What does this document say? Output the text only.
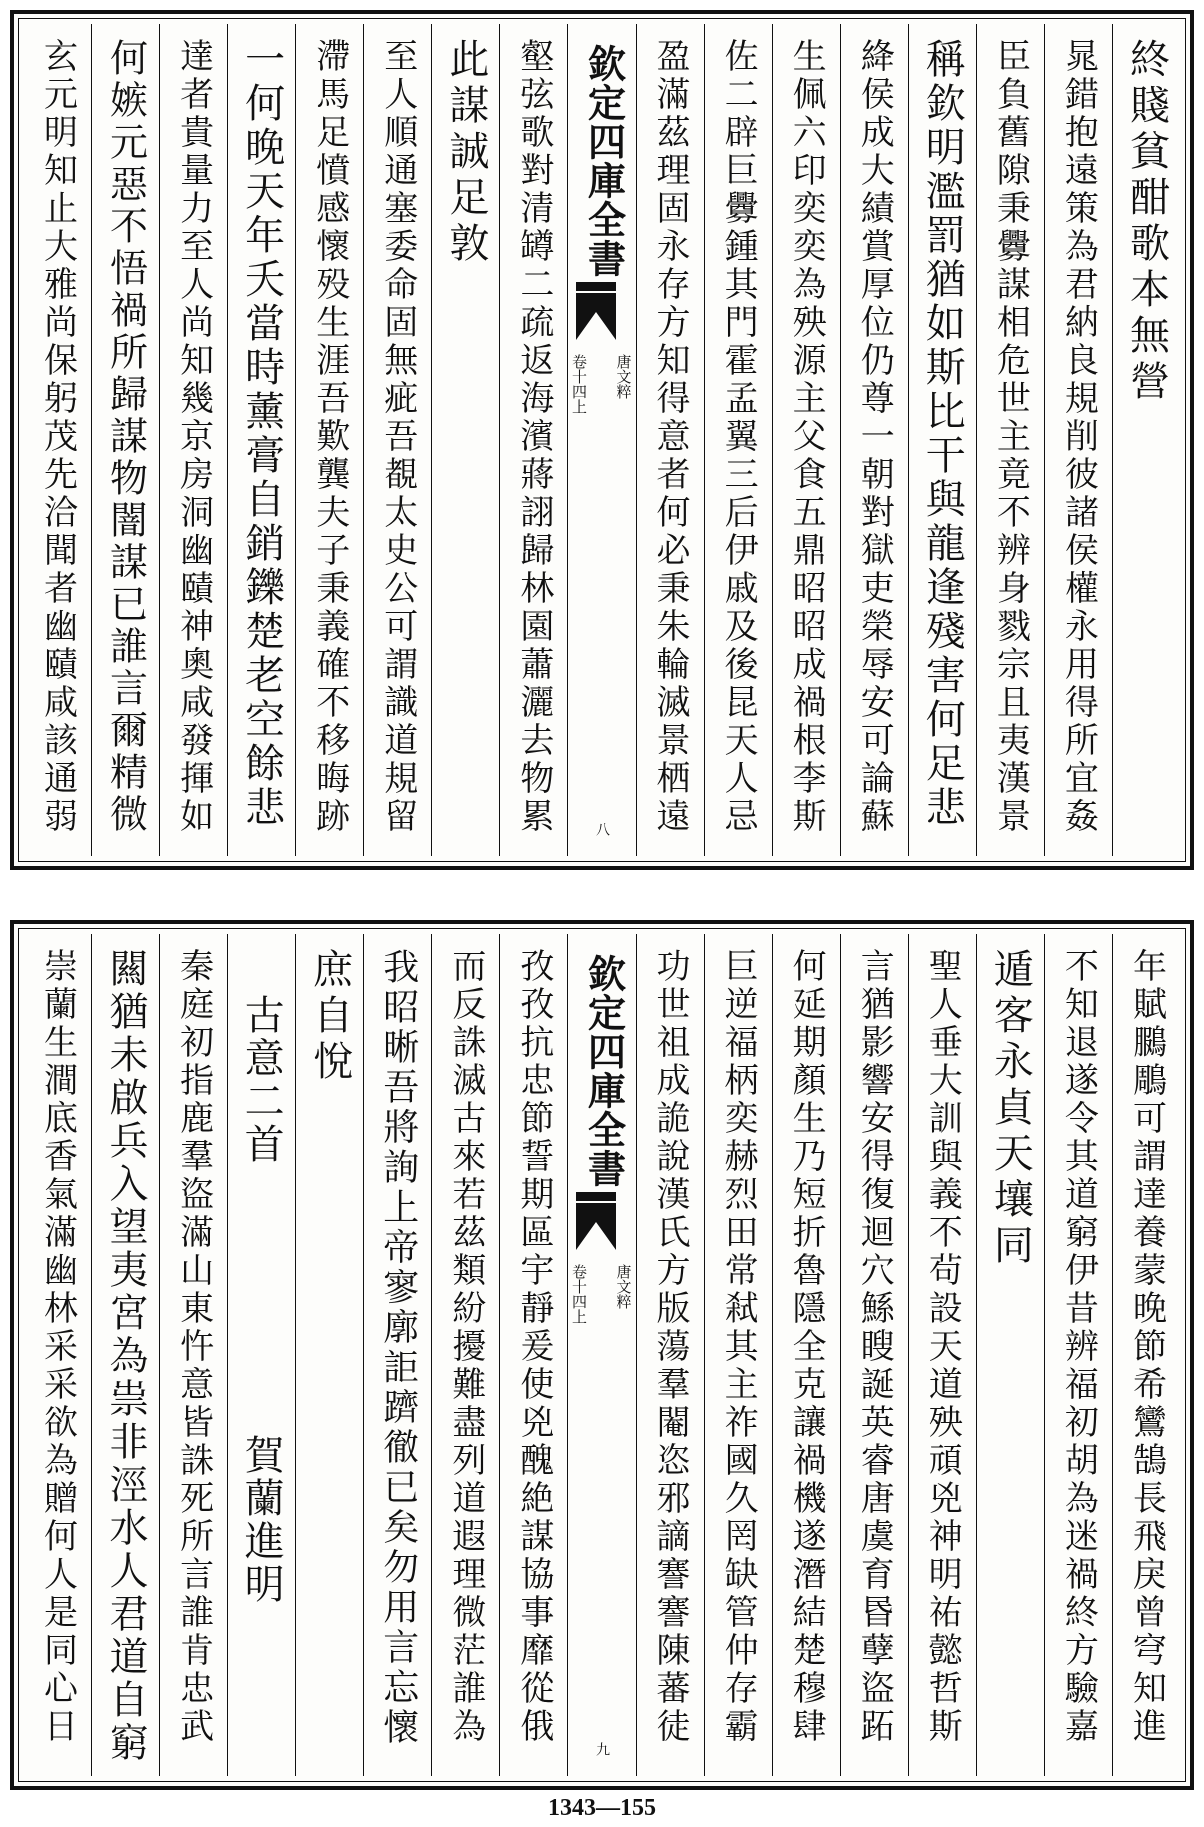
終賤貧酣歌本無營
晁錯抱遠策為君納良規削彼諸侯權永用得所宜姦
臣負舊隙秉釁謀相危世主竟不辨身戮宗且夷漢景
稱欽明濫罰猶如斯比干與龍逢殘害何足悲
絳侯成大績賞厚位仍尊一朝對獄吏榮辱安可論蘇
生佩六印奕奕為殃源主父食五鼎昭昭成禍根李斯
佐二辟巨釁鍾其門霍孟翼三后伊戚及後昆天人忌
盈滿茲理固永存方知得意者何必秉朱輪滅景栖遠
欽定四庫全書
唐文粹
卷十四上
八
壑弦歌對清罇二疏返海濱蔣詡歸林園蕭灑去物累
此謀誠足敦
至人順通塞委命固無疵吾覩太史公可謂識道規留
滯馬足憤感懷殁生涯吾歎龔夫子秉義確不移晦跡
一何晚天年夭當時薰膏自銷鑠楚老空餘悲
達者貴量力至人尚知幾京房洞幽賾神奧咸發揮如
何嫉元惡不悟禍所歸謀物闇謀已誰言爾精微
玄元明知止大雅尚保躬茂先洽聞者幽賾咸該通弱
年賦鵩鵰可謂達養蒙晚節希鸞鵠長飛戾曾穹知進
不知退遂令其道窮伊昔辨福初胡為迷禍終方驗嘉
遁客永貞天壤同
聖人垂大訓與義不茍設天道殃頑兇神明祐懿哲斯
言猶影響安得復迴穴鯀瞍誕英睿唐虞育昬孽盜跖
何延期顏生乃短折魯隱全克讓禍機遂潛結楚穆肆
巨逆福柄奕赫烈田常弒其主祚國久罔缺管仲存霸
功世祖成詭說漢氏方版蕩羣閹恣邪謫謇謇陳蕃徒
欽定四庫全書
唐文粹
卷十四上
九
孜孜抗忠節誓期區宇靜爰使兇醜絶謀協事靡從俄
而反誅滅古來若茲類紛擾難盡列道遐理微茫誰為
我昭晰吾將詢上帝寥廓詎躋徹已矣勿用言忘懷
庶自悅
古意二首
賀蘭進明
秦庭初指鹿羣盜滿山東忤意皆誅死所言誰肯忠武
闗猶未啟兵入望夷宮為祟非涇水人君道自窮
崇蘭生澗底香氣滿幽林采采欲為贈何人是同心日
1343—155
